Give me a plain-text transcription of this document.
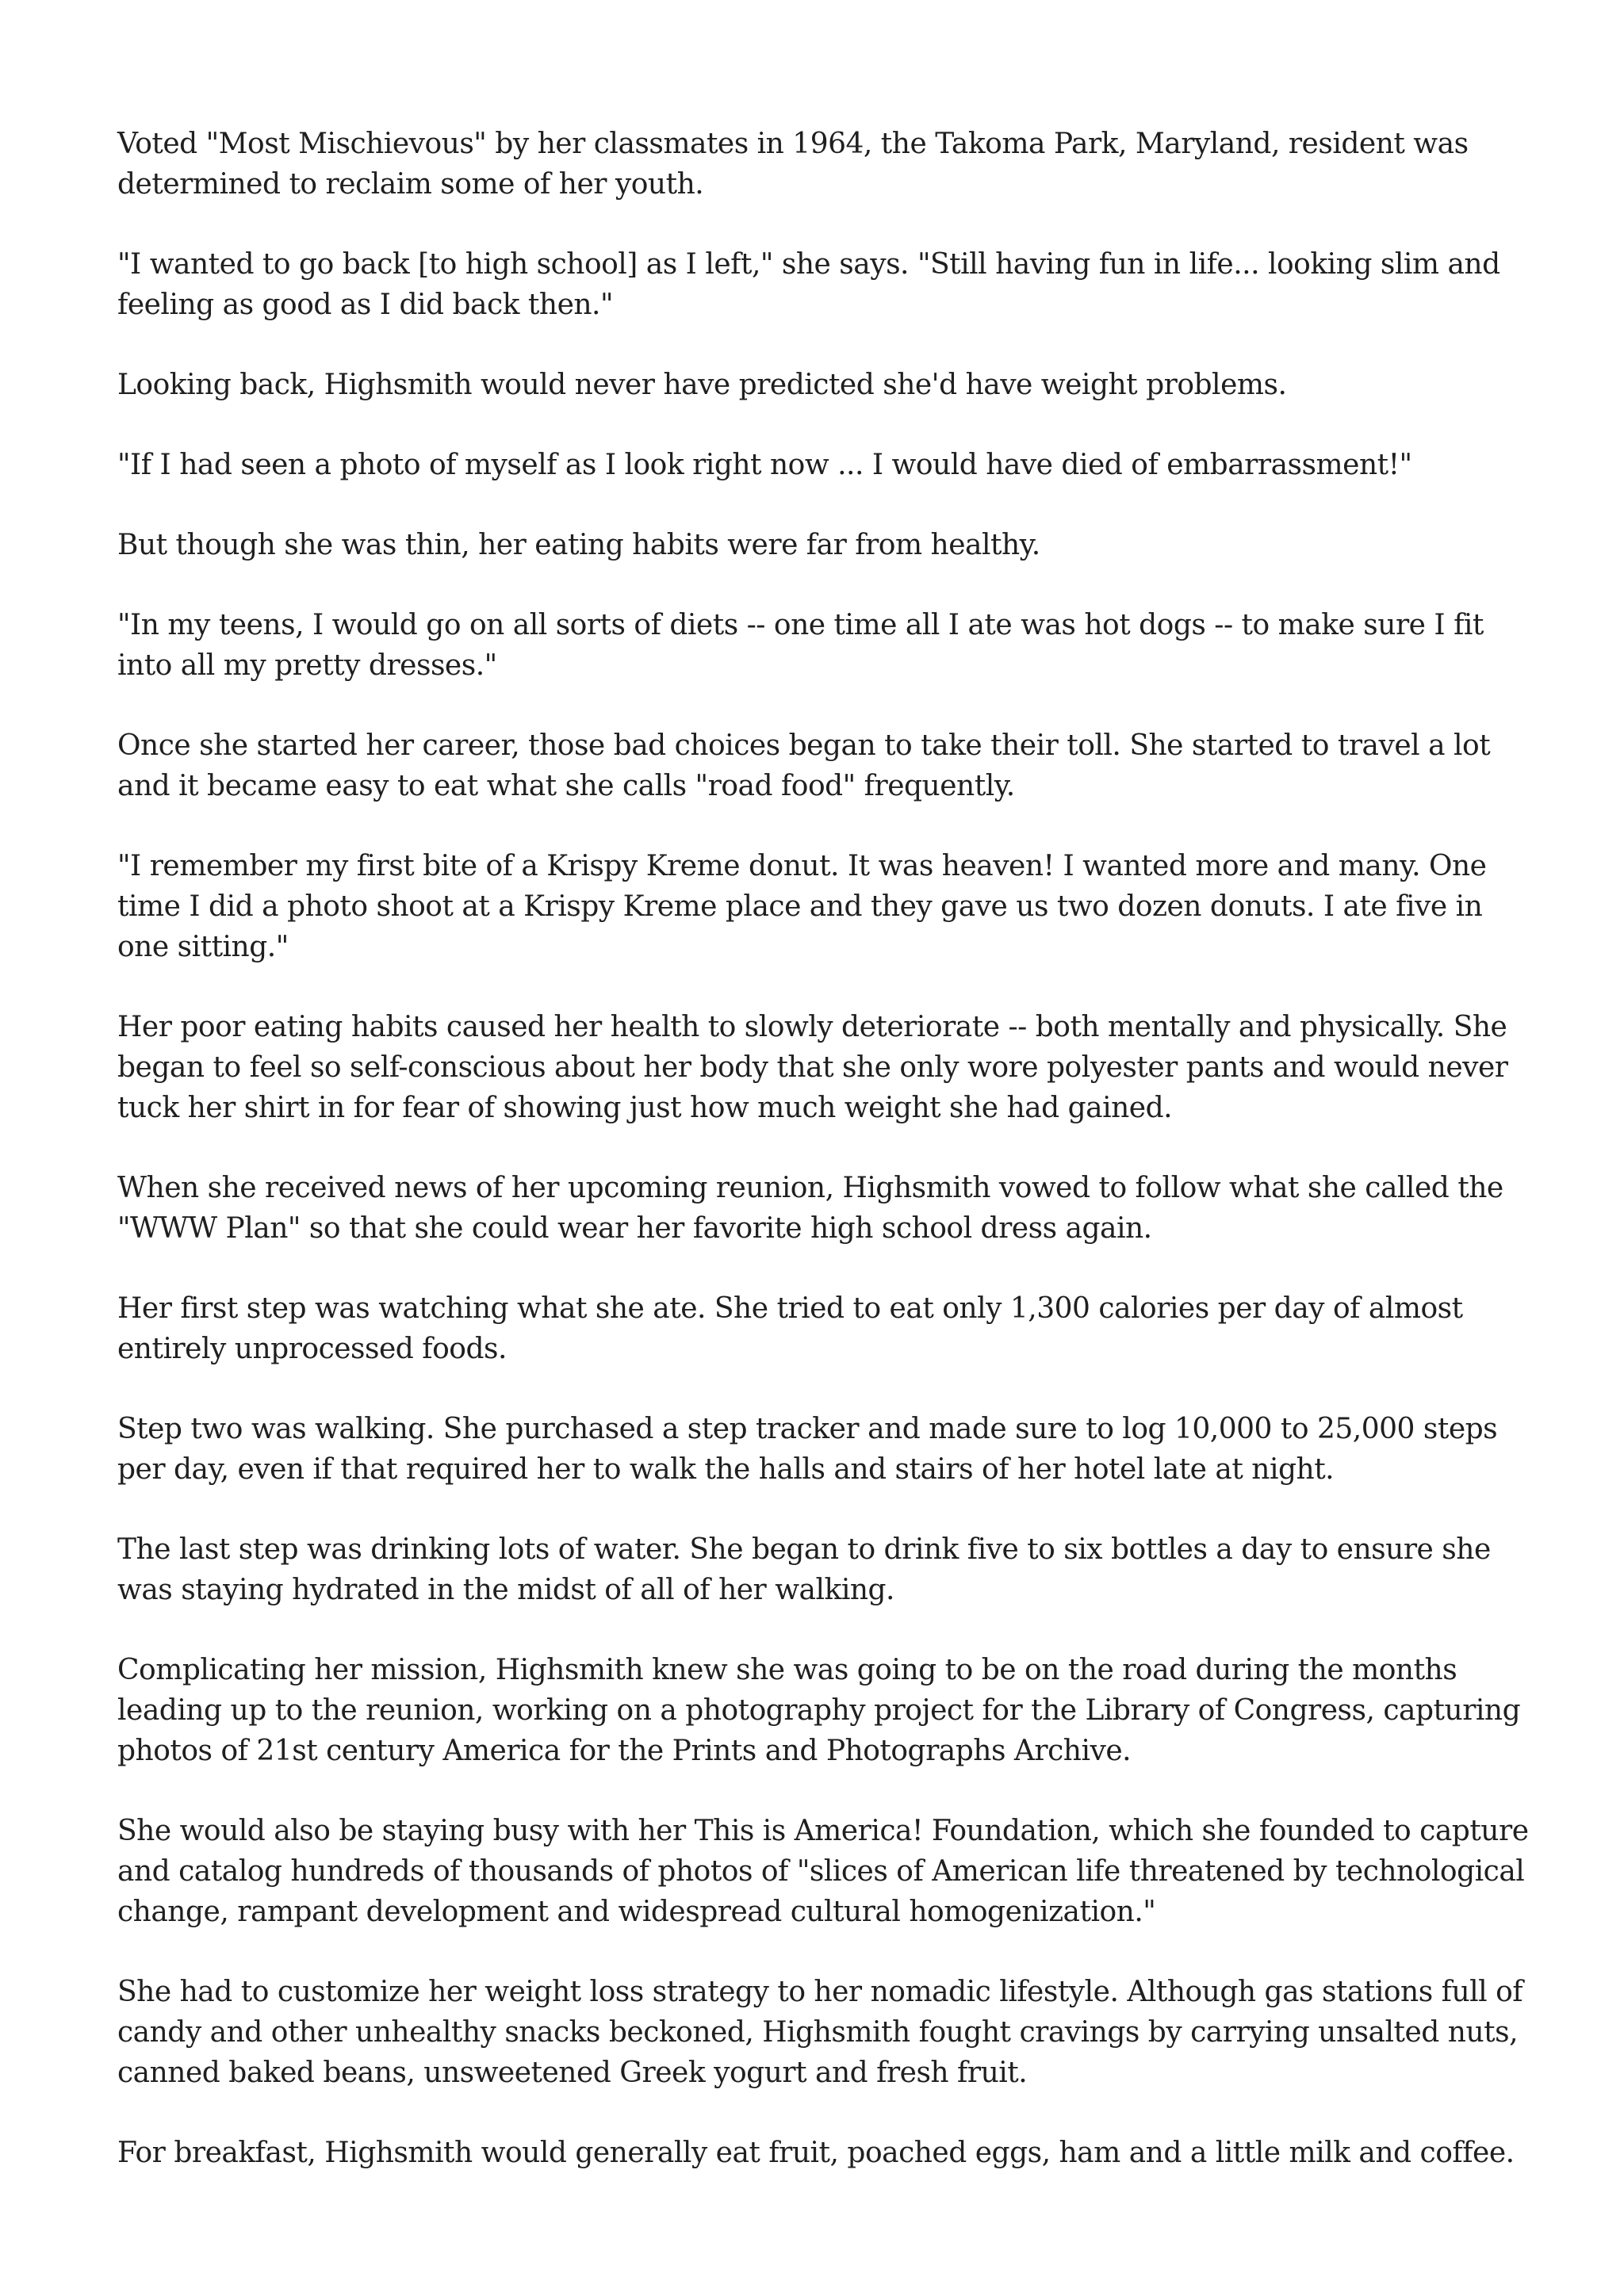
Voted "Most Mischievous" by her classmates in 1964, the Takoma Park, Maryland, resident was determined to reclaim some of her youth.

"I wanted to go back [to high school] as I left," she says. "Still having fun in life... looking slim and feeling as good as I did back then."

Looking back, Highsmith would never have predicted she'd have weight problems.

"If I had seen a photo of myself as I look right now ... I would have died of embarrassment!"

But though she was thin, her eating habits were far from healthy.

"In my teens, I would go on all sorts of diets -- one time all I ate was hot dogs -- to make sure I fit into all my pretty dresses."

Once she started her career, those bad choices began to take their toll. She started to travel a lot and it became easy to eat what she calls "road food" frequently.

"I remember my first bite of a Krispy Kreme donut. It was heaven! I wanted more and many. One time I did a photo shoot at a Krispy Kreme place and they gave us two dozen donuts. I ate five in one sitting."

Her poor eating habits caused her health to slowly deteriorate -- both mentally and physically. She began to feel so self-conscious about her body that she only wore polyester pants and would never tuck her shirt in for fear of showing just how much weight she had gained.

When she received news of her upcoming reunion, Highsmith vowed to follow what she called the "WWW Plan" so that she could wear her favorite high school dress again.

Her first step was watching what she ate. She tried to eat only 1,300 calories per day of almost entirely unprocessed foods.

Step two was walking. She purchased a step tracker and made sure to log 10,000 to 25,000 steps per day, even if that required her to walk the halls and stairs of her hotel late at night.

The last step was drinking lots of water. She began to drink five to six bottles a day to ensure she was staying hydrated in the midst of all of her walking.

Complicating her mission, Highsmith knew she was going to be on the road during the months leading up to the reunion, working on a photography project for the Library of Congress, capturing photos of 21st century America for the Prints and Photographs Archive.

She would also be staying busy with her This is America! Foundation, which she founded to capture and catalog hundreds of thousands of photos of "slices of American life threatened by technological change, rampant development and widespread cultural homogenization."

She had to customize her weight loss strategy to her nomadic lifestyle. Although gas stations full of candy and other unhealthy snacks beckoned, Highsmith fought cravings by carrying unsalted nuts, canned baked beans, unsweetened Greek yogurt and fresh fruit.

For breakfast, Highsmith would generally eat fruit, poached eggs, ham and a little milk and coffee.
